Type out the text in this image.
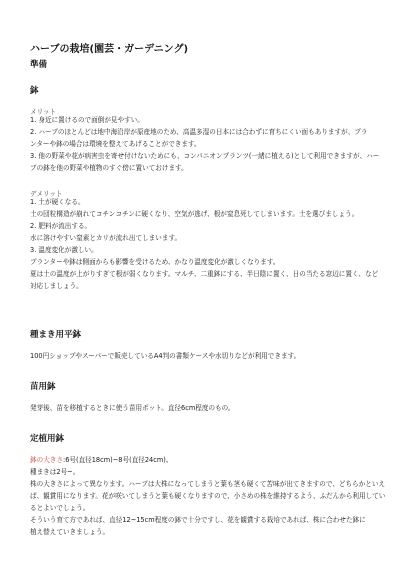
ハーブの栽培(園芸・ガーデニング)
準備
鉢
メリット
1. 身近に置けるので面倒が見やすい。
2. ハーブのほとんどは地中海沿岸が原産地のため、高温多湿の日本には合わずに育ちにくい面もありますが、プラ
ンターや鉢の場合は環境を整えてあげることができます。
3. 他の野菜や花が病害虫を寄せ付けないためにも、コンパニオンプランツ(一緒に植える)として利用できますが、ハー
ブの鉢を他の野菜や植物のすぐ傍に置いておけます。
デメリット
1. 土が硬くなる。
土の団粒構造が崩れてコチンコチンに硬くなり、空気が逃げ、根が窒息死してしまいます。土を選びましょう。
2. 肥料が流出する。
水に溶けやすい窒素とカリが流れ出てしまいます。
3. 温度変化が激しい。
プランターや鉢は側面からも影響を受けるため、かなり温度変化が激しくなります。
夏は土の温度が上がりすぎて根が弱くなります。マルチ、二重鉢にする、半日陰に置く、日の当たる窓辺に置く、など
対応しましょう。
種まき用平鉢
100円ショップやスーパーで販売しているA4判の書類ケースや水切りなどが利用できます。
苗用鉢
発芽後、苗を移植するときに使う苗用ポット。直径6cm程度のもの。
定植用鉢
鉢の大きさ:6号(直径18cm)~8号(直径24cm)。
種まきは2号~。
株の大きさによって異なります。ハーブは大株になってしまうと葉も茎も硬くて苦味が出てきますので、どちらかといえ
ば、観賞用になります。花が咲いてしまうと葉も硬くなりますので、小さめの株を維持するよう、ふだんから利用してい
るとよいでしょう。
そういう育て方であれば、直径12~15cm程度の鉢で十分ですし、花を観賞する栽培であれば、株に合わせた鉢に
植え替えていきましょう。
